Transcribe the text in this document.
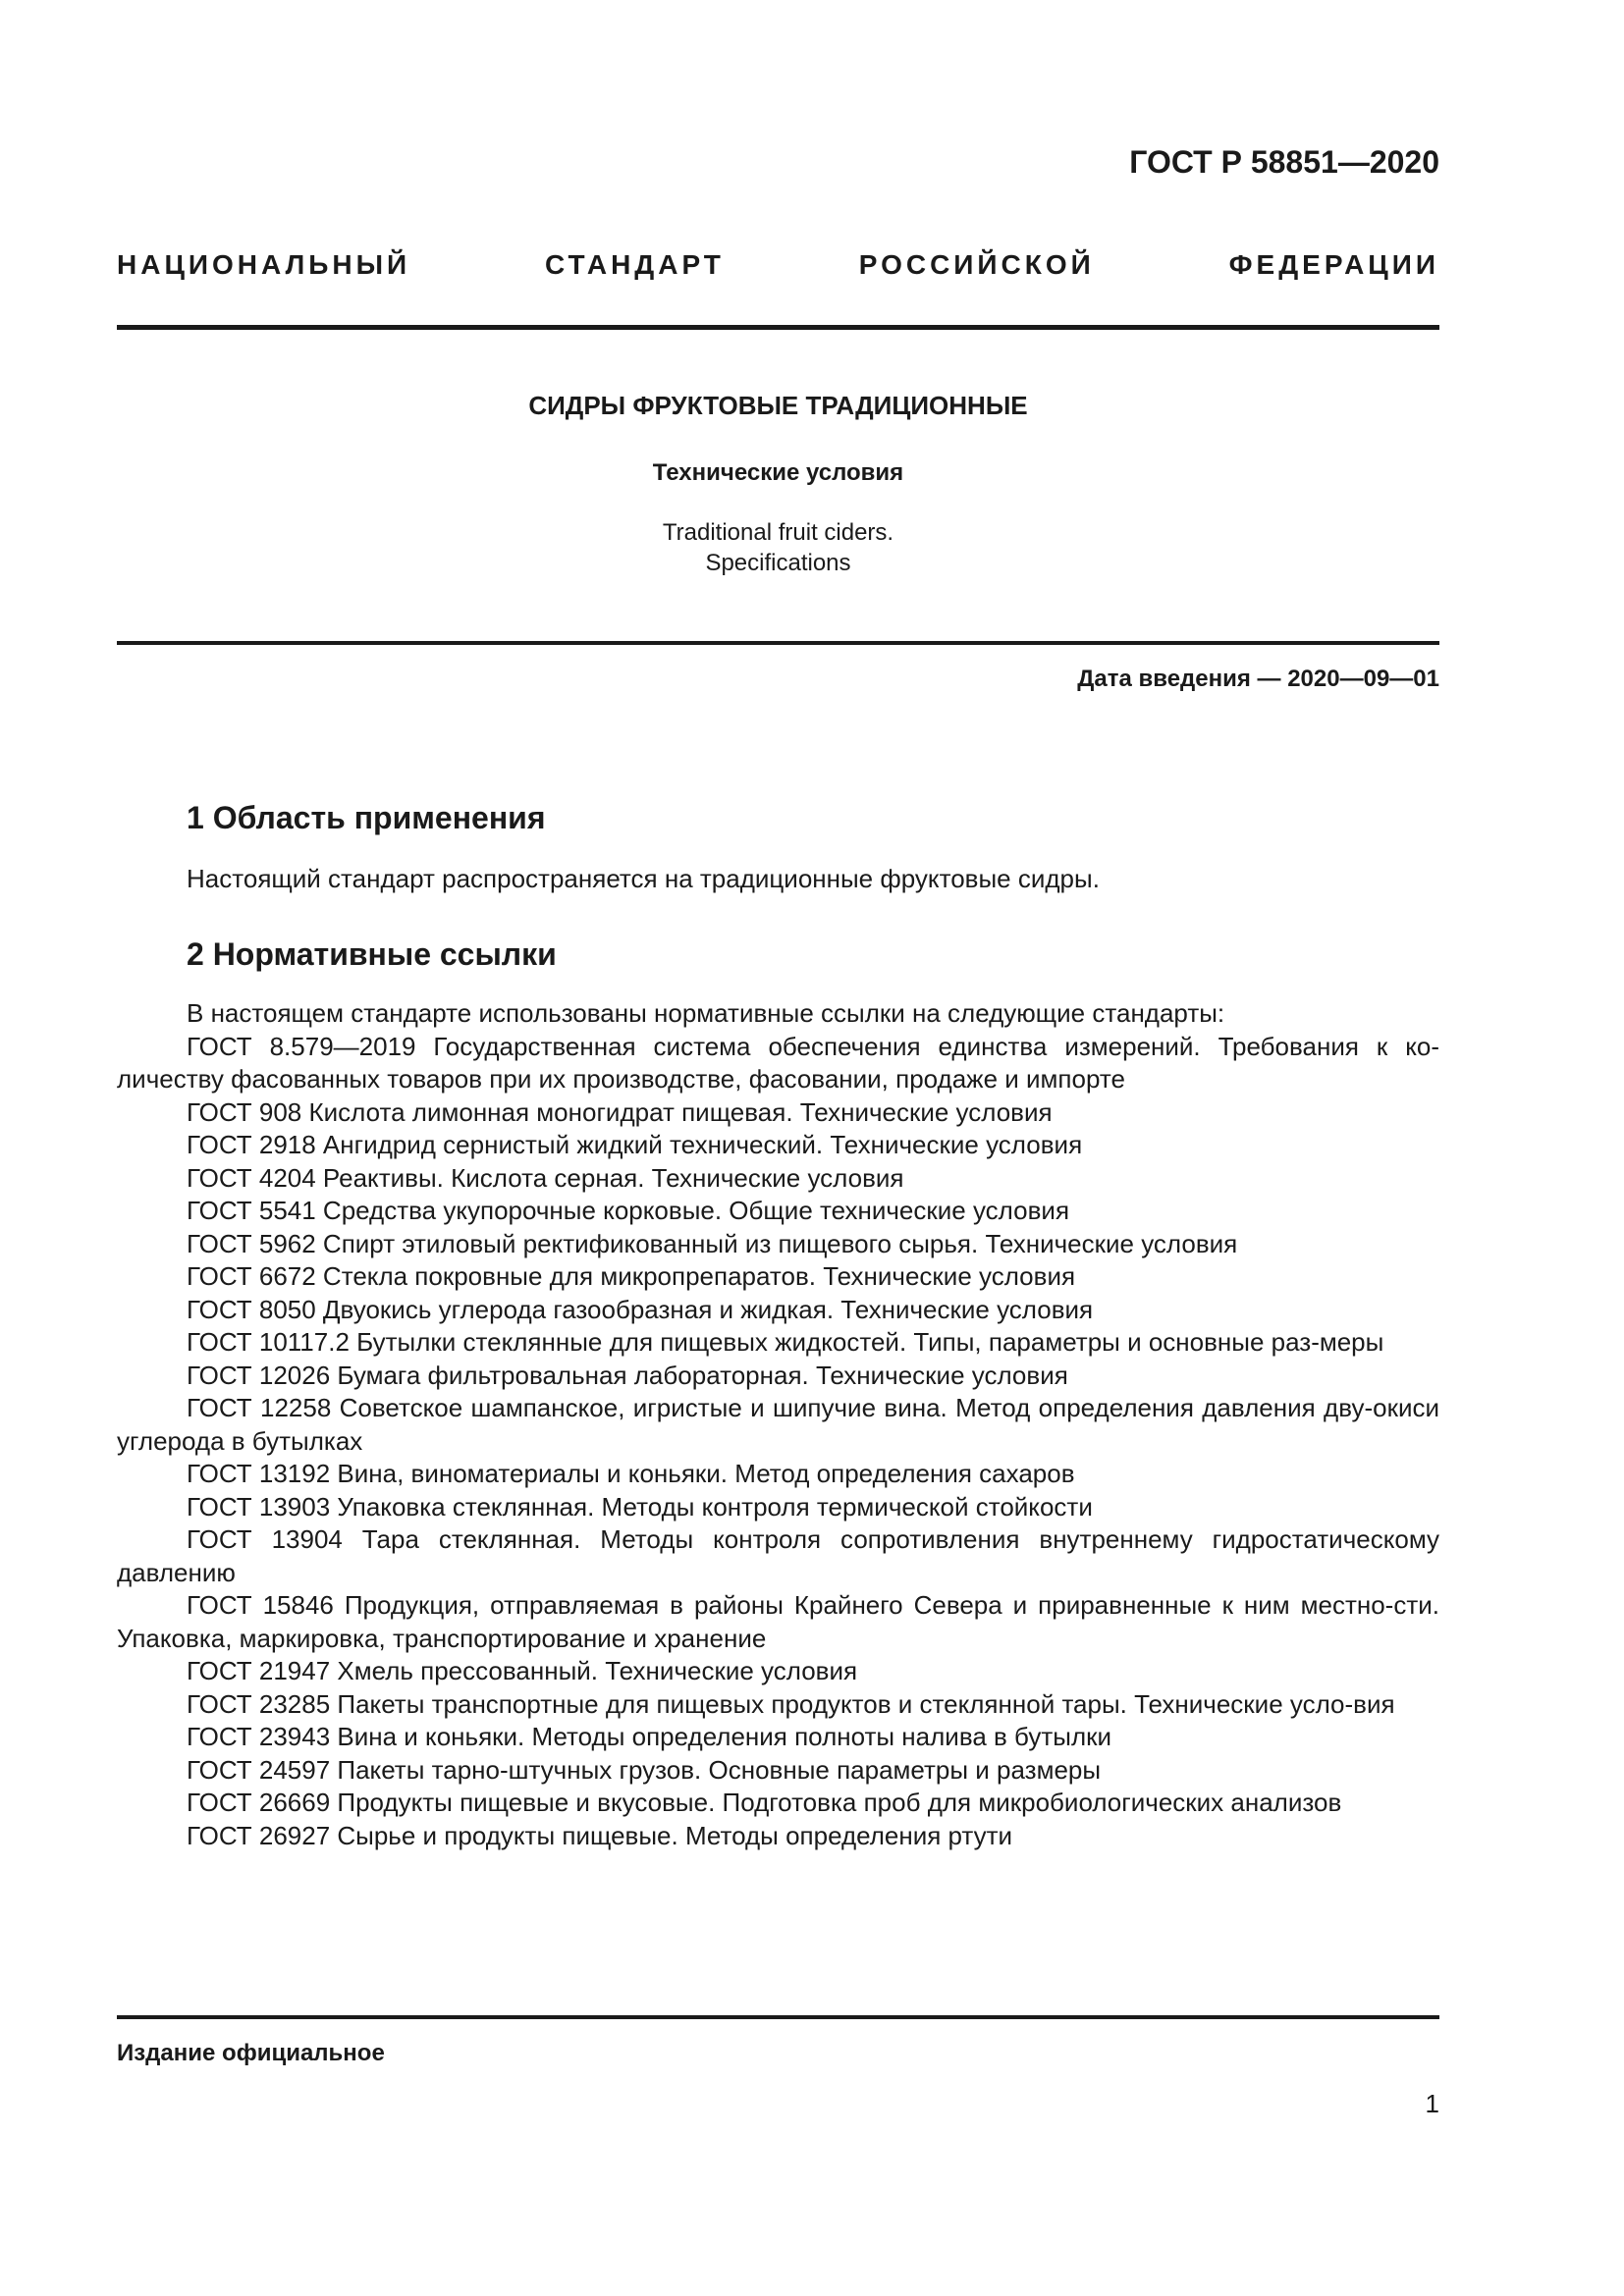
ГОСТ Р 58851—2020
НАЦИОНАЛЬНЫЙ СТАНДАРТ РОССИЙСКОЙ ФЕДЕРАЦИИ
СИДРЫ ФРУКТОВЫЕ ТРАДИЦИОННЫЕ
Технические условия
Traditional fruit ciders.
Specifications
Дата введения — 2020—09—01
1 Область применения
Настоящий стандарт распространяется на традиционные фруктовые сидры.
2 Нормативные ссылки

В настоящем стандарте использованы нормативные ссылки на следующие стандарты:

ГОСТ 8.579—2019 Государственная система обеспечения единства измерений. Требования к ко-личеству фасованных товаров при их производстве, фасовании, продаже и импорте

ГОСТ 908 Кислота лимонная моногидрат пищевая. Технические условия

ГОСТ 2918 Ангидрид сернистый жидкий технический. Технические условия

ГОСТ 4204 Реактивы. Кислота серная. Технические условия

ГОСТ 5541 Средства укупорочные корковые. Общие технические условия

ГОСТ 5962 Спирт этиловый ректификованный из пищевого сырья. Технические условия

ГОСТ 6672 Стекла покровные для микропрепаратов. Технические условия

ГОСТ 8050 Двуокись углерода газообразная и жидкая. Технические условия

ГОСТ 10117.2 Бутылки стеклянные для пищевых жидкостей. Типы, параметры и основные раз-меры

ГОСТ 12026 Бумага фильтровальная лабораторная. Технические условия

ГОСТ 12258 Советское шампанское, игристые и шипучие вина. Метод определения давления дву-окиси углерода в бутылках

ГОСТ 13192 Вина, виноматериалы и коньяки. Метод определения сахаров

ГОСТ 13903 Упаковка стеклянная. Методы контроля термической стойкости

ГОСТ 13904 Тара стеклянная. Методы контроля сопротивления внутреннему гидростатическому давлению

ГОСТ 15846 Продукция, отправляемая в районы Крайнего Севера и приравненные к ним местно-сти. Упаковка, маркировка, транспортирование и хранение

ГОСТ 21947 Хмель прессованный. Технические условия

ГОСТ 23285 Пакеты транспортные для пищевых продуктов и стеклянной тары. Технические усло-вия

ГОСТ 23943 Вина и коньяки. Методы определения полноты налива в бутылки

ГОСТ 24597 Пакеты тарно-штучных грузов. Основные параметры и размеры

ГОСТ 26669 Продукты пищевые и вкусовые. Подготовка проб для микробиологических анализов

ГОСТ 26927 Сырье и продукты пищевые. Методы определения ртути

Издание официальное
1
